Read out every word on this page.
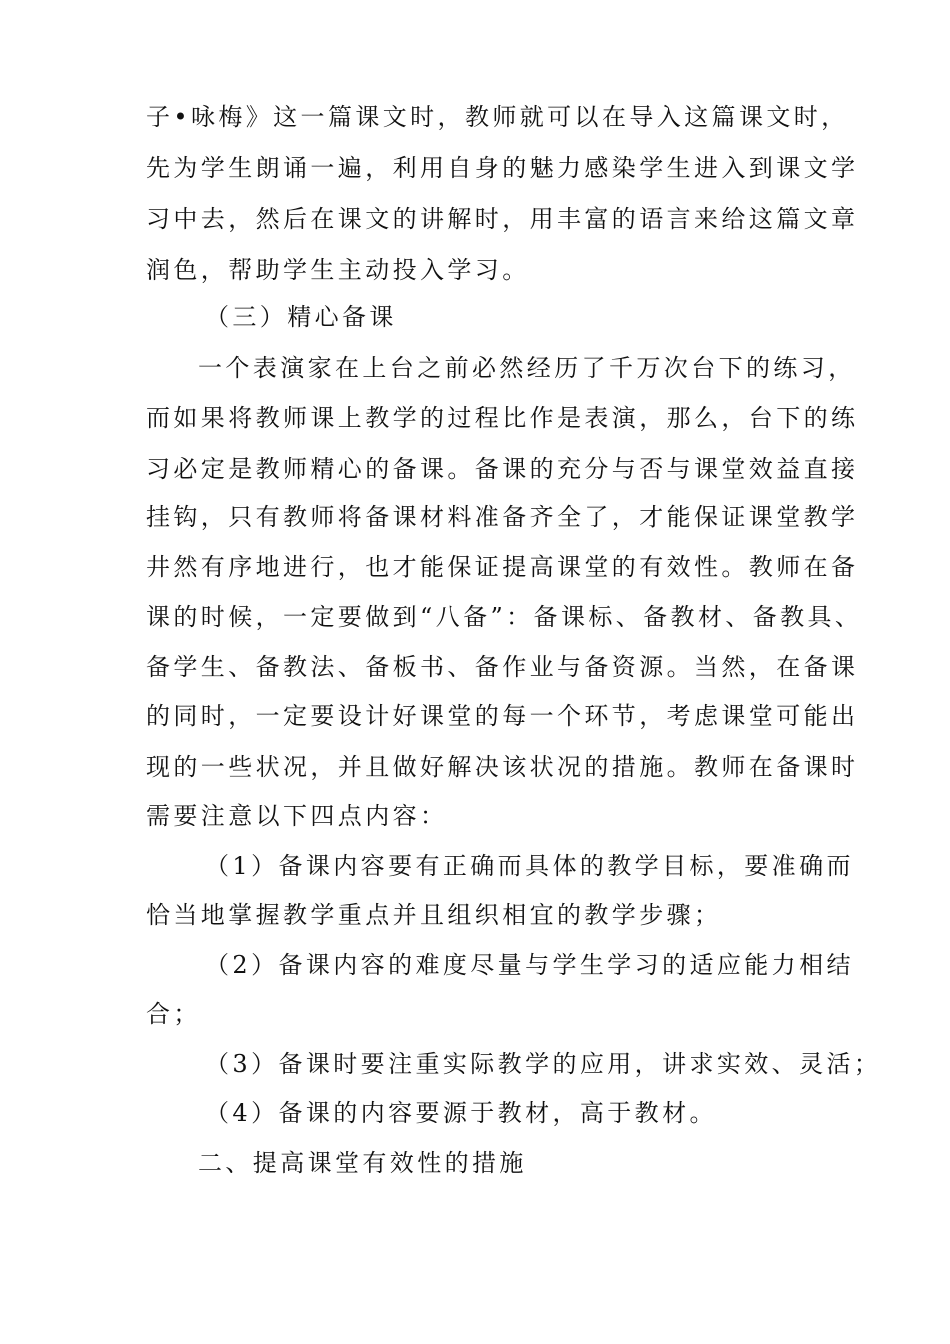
子•咏梅》这一篇课文时，教师就可以在导入这篇课文时，

先为学生朗诵一遍，利用自身的魅力感染学生进入到课文学

习中去，然后在课文的讲解时，用丰富的语言来给这篇文章

润色，帮助学生主动投入学习。

（三）精心备课

一个表演家在上台之前必然经历了千万次台下的练习，

而如果将教师课上教学的过程比作是表演，那么，台下的练

习必定是教师精心的备课。备课的充分与否与课堂效益直接

挂钩，只有教师将备课材料准备齐全了，才能保证课堂教学

井然有序地进行，也才能保证提高课堂的有效性。教师在备

课的时候，一定要做到“八备”：备课标、备教材、备教具、

备学生、备教法、备板书、备作业与备资源。当然，在备课

的同时，一定要设计好课堂的每一个环节，考虑课堂可能出

现的一些状况，并且做好解决该状况的措施。教师在备课时

需要注意以下四点内容：

（1）备课内容要有正确而具体的教学目标，要准确而

恰当地掌握教学重点并且组织相宜的教学步骤；

（2）备课内容的难度尽量与学生学习的适应能力相结

合；

（3）备课时要注重实际教学的应用，讲求实效、灵活；

（4）备课的内容要源于教材，高于教材。

二、提高课堂有效性的措施
